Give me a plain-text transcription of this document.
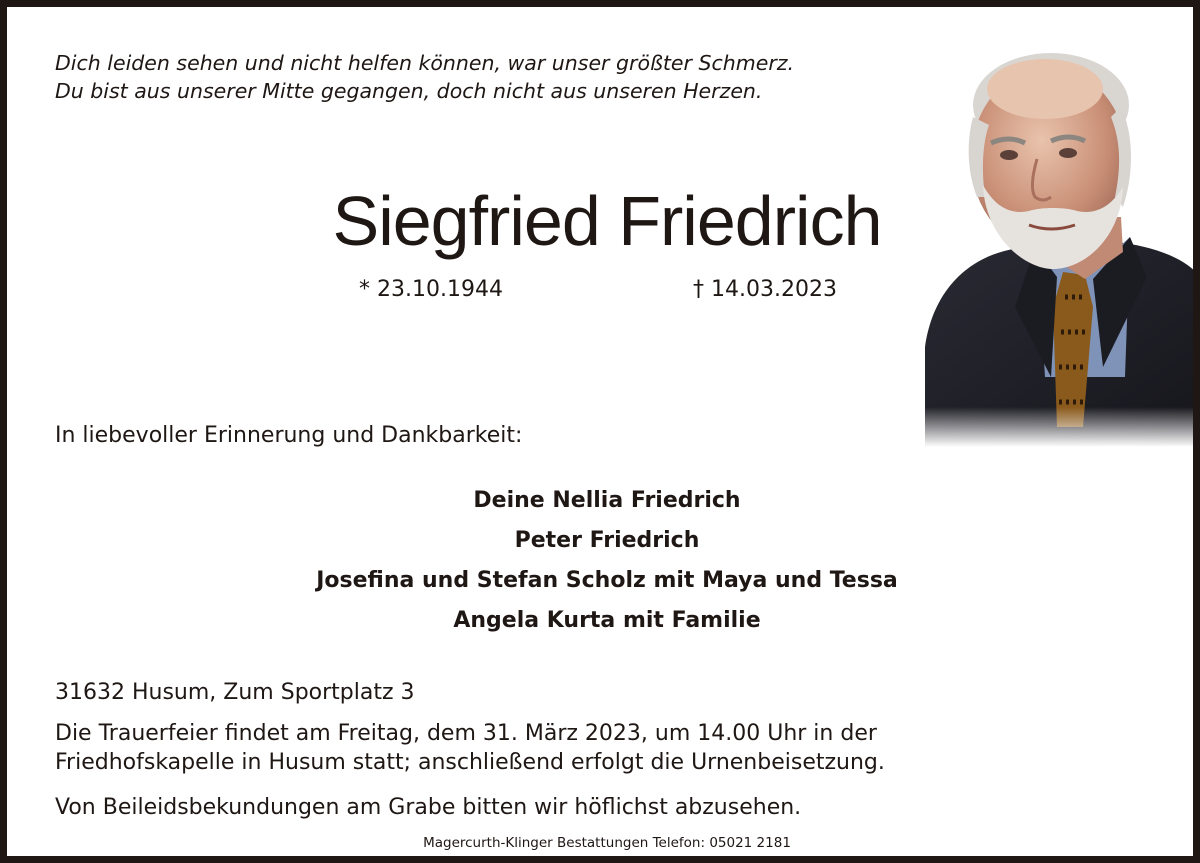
Dich leiden sehen und nicht helfen können, war unser größter Schmerz.
Du bist aus unserer Mitte gegangen, doch nicht aus unseren Herzen.
Siegfried Friedrich
* 23.10.1944	† 14.03.2023
In liebevoller Erinnerung und Dankbarkeit:
Deine Nellia Friedrich
Peter Friedrich
Josefina und Stefan Scholz mit Maya und Tessa
Angela Kurta mit Familie
31632 Husum, Zum Sportplatz 3
Die Trauerfeier findet am Freitag, dem 31. März 2023, um 14.00 Uhr in der
Friedhofskapelle in Husum statt; anschließend erfolgt die Urnenbeisetzung.
Von Beileidsbekundungen am Grabe bitten wir höflichst abzusehen.
Magercurth-Klinger Bestattungen Telefon: 05021 2181
